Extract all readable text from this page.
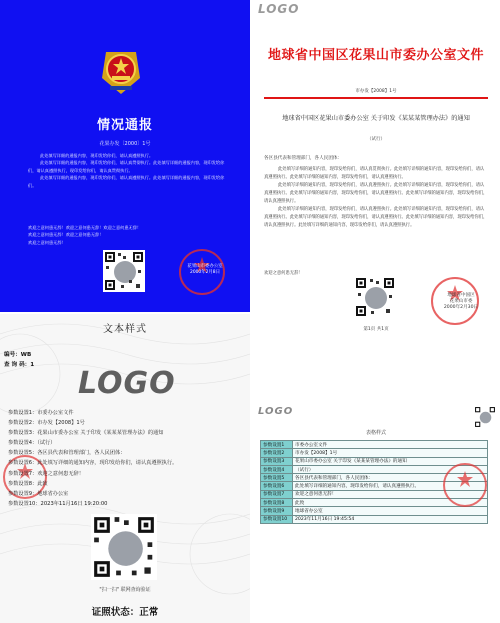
情况通报
花果办发〔2000〕1号

此处填写详细的通报内容，现印发给你们，请认真遵照执行。

此处填写详细的通报内容，现印发给你们，请认真贯彻执行。此处填写详细的通报内容，现印发给你们，请认真遵照执行，现印发给你们，请认真贯彻执行。

此处填写详细的通报内容，现印发给你们，请认真遵照执行。此处填写详细的通报内容，现印发给你们。

欢迎之意何患无辞！欢迎之意何患无辞！欢迎之意何患无辞！
欢迎之意何患无辞！欢迎之意何患无辞！
欢迎之意何患无辞！
花果山市委办公室
2000年2月8日
LOGO
地球省中国区花果山市委办公室文件
市办发【2008】1号
地球省中国区花果山市委办公室 关于印发《某某某管理办法》的通知
（试行）
各区县代表和管理部门，各人民团体：

此处填写详细的通知内容，现印发给你们，请认真贯彻执行。此处填写详细的通知内容，现印发给你们，请认真遵照执行。此处填写详细的通知内容，现印发给你们，请认真遵照执行。

此处填写详细的通知内容，现印发给你们，请认真遵照执行。此处填写详细的通知内容，现印发给你们，请认真遵照执行。此处填写详细的通知内容，现印发给你们，请认真遵照执行。此处填写详细的通知内容，现印发给你们，请认真遵照执行。

此处填写详细的通知内容，现印发给你们，请认真遵照执行。此处填写详细的通知内容，现印发给你们，请认真遵照执行。此处填写详细的通知内容，现印发给你们，请认真遵照执行。此处填写详细的通知内容，现印发给你们，请认真遵照执行。此处填写详细的通知内容，现印发给你们，请认真遵照执行。

欢迎之意何患无辞！
地球省中国区
花果山市委
2000年2月30日
第1页 共1页
文本样式
编号：WB
查 询 码：1
LOGO
参数设置1：市委办公室文件
参数设置2：市办发【2008】1号
参数设置3：花果山市委办公室 关于印发《某某某管理办法》的通知
参数设置4：（试行）
参数设置5：各区县代表和管理部门，各人民团体：
参数设置6：此处填写详细的通知内容，现印发给你们，请认真遵照执行。
参数设置7：欢迎之意何患无辞！
参数设置8：此致
参数设置9：地球省办公室
参数设置10：2023年11月16日 19:20:00
"扫一扫" 联网查询验证
证照状态：正常
LOGO
表格样式
参数设置1	市委办公室文件
参数设置2	市办发【2008】1号
参数设置3	花果山市委办公室 关于印发《某某某管理办法》的通知
参数设置4	（试行）
参数设置5	各区县代表和管理部门，各人民团体：
参数设置6	此处填写详细的通知内容，现印发给你们，请认真遵照执行。
参数设置7	欢迎之意何患无辞！
参数设置8	此致
参数设置9	地球省办公室
参数设置10	2023年11月16日 19:45:54
